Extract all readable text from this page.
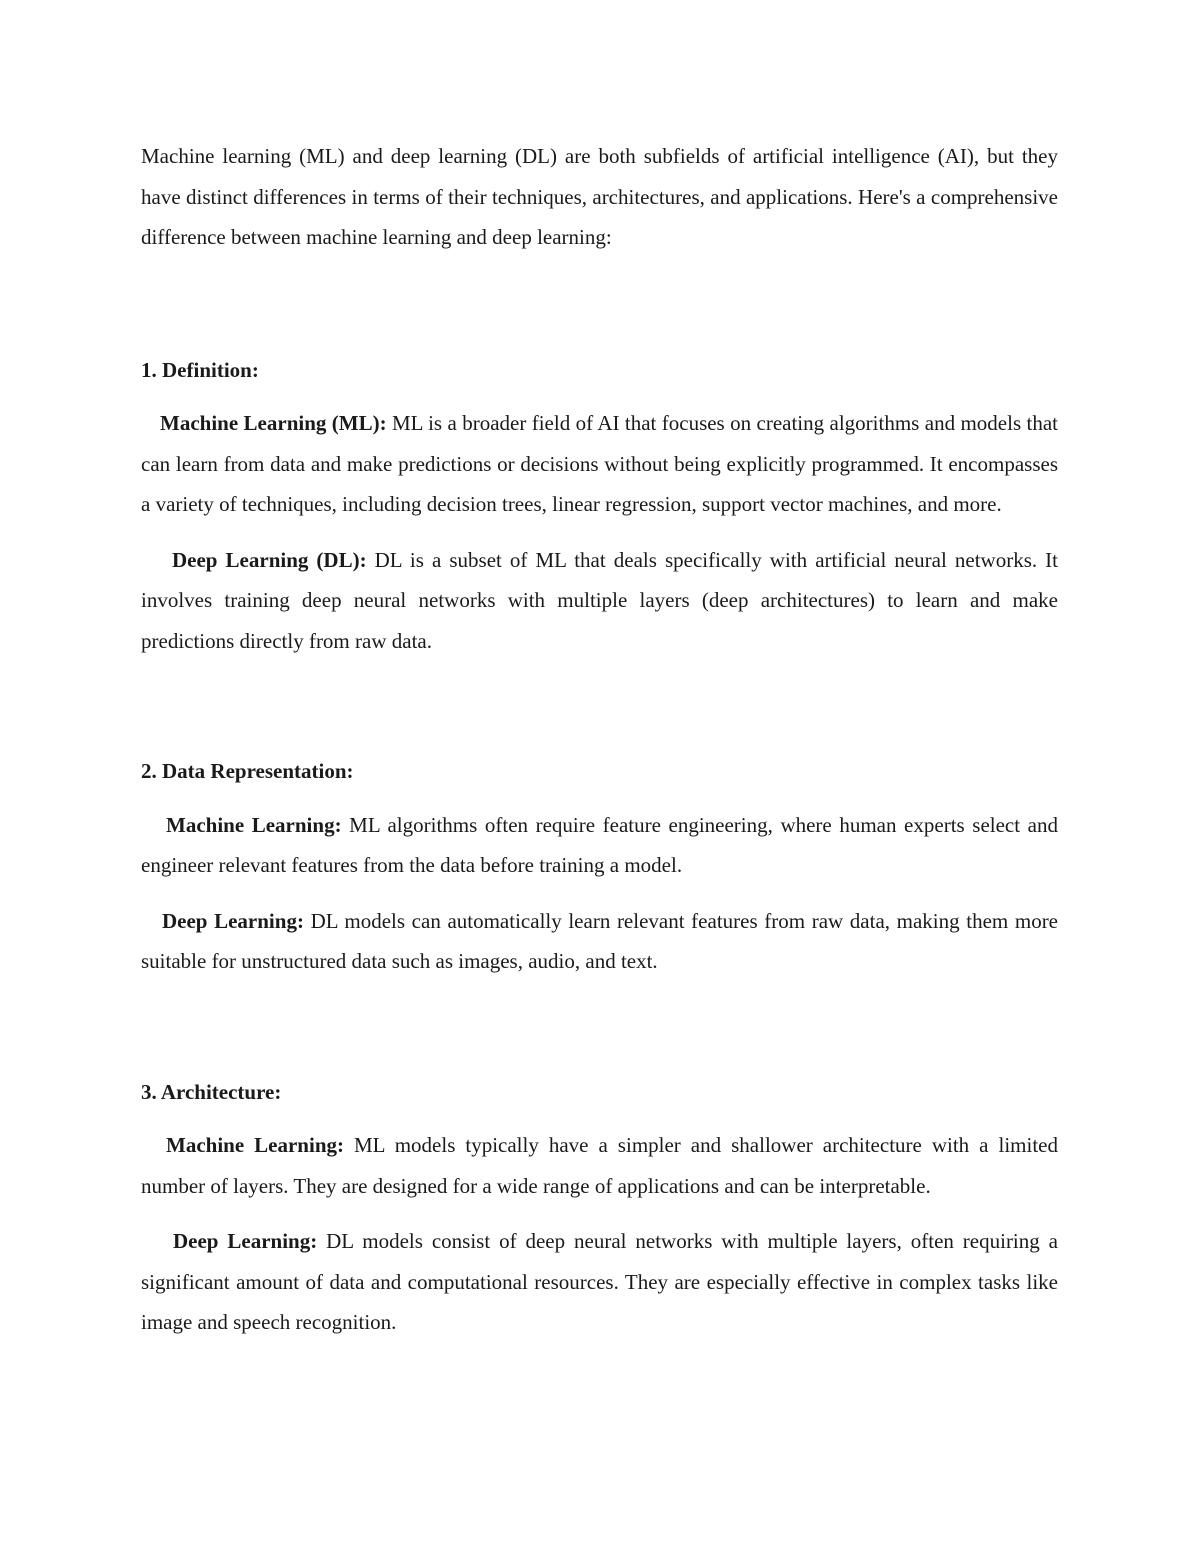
Machine learning (ML) and deep learning (DL) are both subfields of artificial intelligence (AI), but they have distinct differences in terms of their techniques, architectures, and applications. Here's a comprehensive difference between machine learning and deep learning:

1. Definition:

Machine Learning (ML): ML is a broader field of AI that focuses on creating algorithms and models that can learn from data and make predictions or decisions without being explicitly programmed. It encompasses a variety of techniques, including decision trees, linear regression, support vector machines, and more.

Deep Learning (DL): DL is a subset of ML that deals specifically with artificial neural networks. It involves training deep neural networks with multiple layers (deep architectures) to learn and make predictions directly from raw data.

2. Data Representation:

Machine Learning: ML algorithms often require feature engineering, where human experts select and engineer relevant features from the data before training a model.

Deep Learning: DL models can automatically learn relevant features from raw data, making them more suitable for unstructured data such as images, audio, and text.

3. Architecture:

Machine Learning: ML models typically have a simpler and shallower architecture with a limited number of layers. They are designed for a wide range of applications and can be interpretable.

Deep Learning: DL models consist of deep neural networks with multiple layers, often requiring a significant amount of data and computational resources. They are especially effective in complex tasks like image and speech recognition.
